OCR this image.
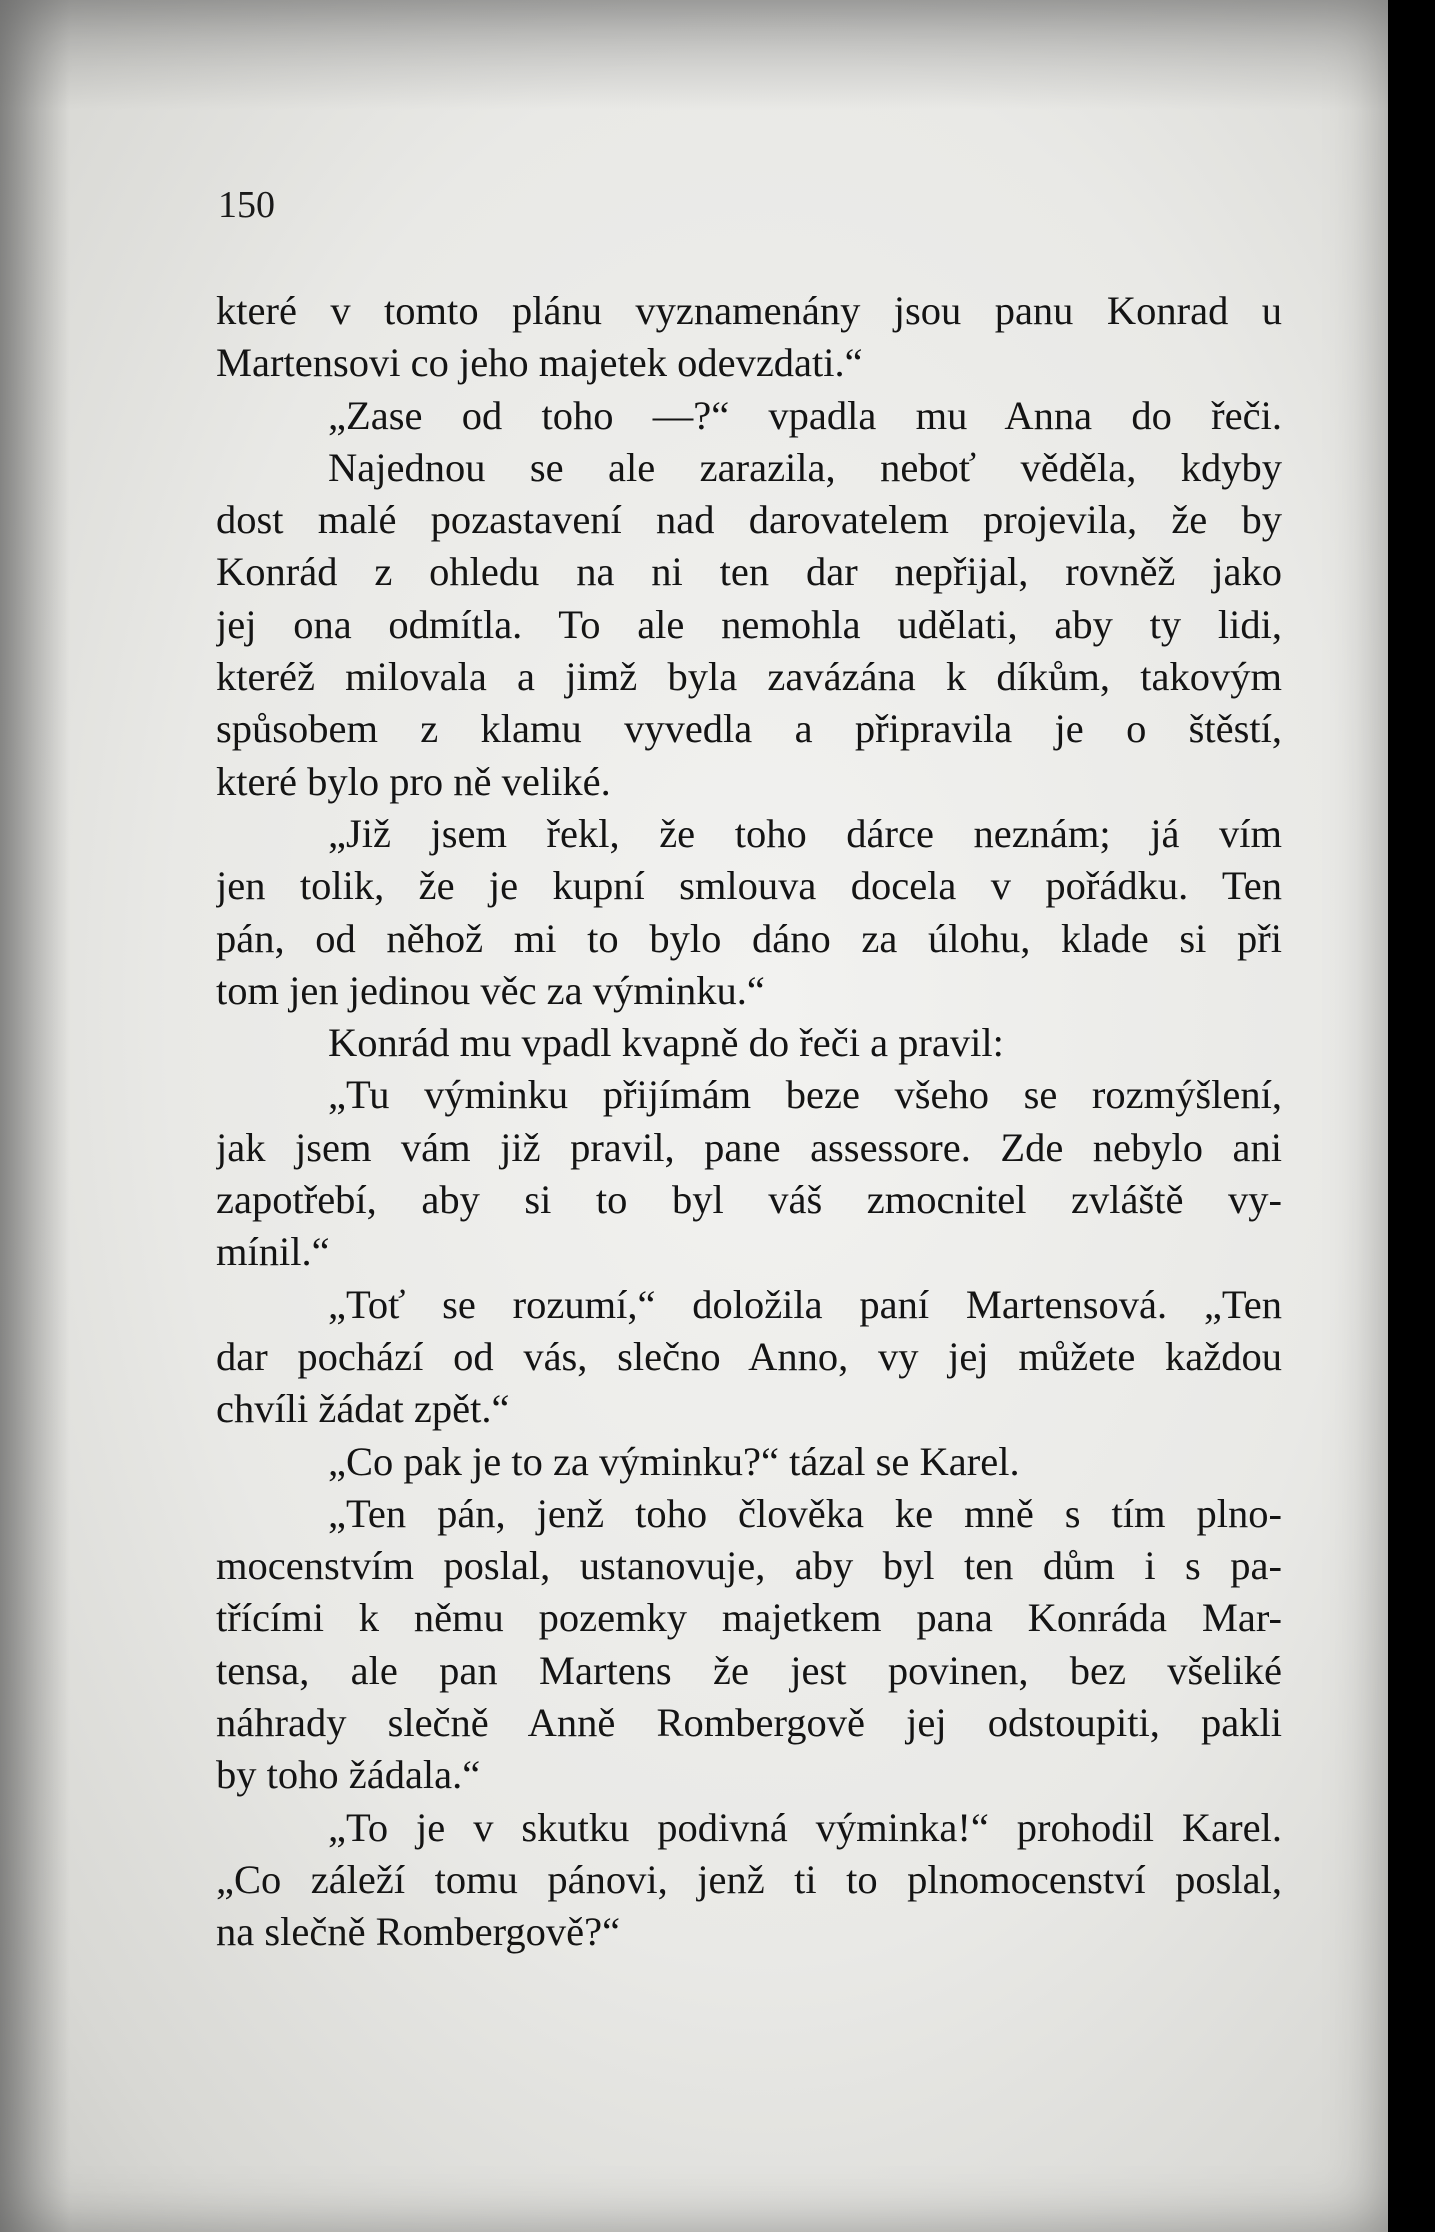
150
které v tomto plánu vyznamenány jsou panu Konrad u
Martensovi co jeho majetek odevzdati.“
„Zase od toho —?“ vpadla mu Anna do řeči.
Najednou se ale zarazila, neboť věděla, kdyby
dost malé pozastavení nad darovatelem projevila, že by
Konrád z ohledu na ni ten dar nepřijal, rovněž jako
jej ona odmítla. To ale nemohla udělati, aby ty lidi,
kteréž milovala a jimž byla zavázána k díkům, takovým
spůsobem z klamu vyvedla a připravila je o štěstí,
které bylo pro ně veliké.
„Již jsem řekl, že toho dárce neznám; já vím
jen tolik, že je kupní smlouva docela v pořádku. Ten
pán, od něhož mi to bylo dáno za úlohu, klade si při
tom jen jedinou věc za výminku.“
Konrád mu vpadl kvapně do řeči a pravil:
„Tu výminku přijímám beze všeho se rozmýšlení,
jak jsem vám již pravil, pane assessore. Zde nebylo ani
zapotřebí, aby si to byl váš zmocnitel zvláště vy-
mínil.“
„Toť se rozumí,“ doložila paní Martensová. „Ten
dar pochází od vás, slečno Anno, vy jej můžete každou
chvíli žádat zpět.“
„Co pak je to za výminku?“ tázal se Karel.
„Ten pán, jenž toho člověka ke mně s tím plno-
mocenstvím poslal, ustanovuje, aby byl ten dům i s pa-
třícími k němu pozemky majetkem pana Konráda Mar-
tensa, ale pan Martens že jest povinen, bez všeliké
náhrady slečně Anně Rombergově jej odstoupiti, pakli
by toho žádala.“
„To je v skutku podivná výminka!“ prohodil Karel.
„Co záleží tomu pánovi, jenž ti to plnomocenství poslal,
na slečně Rombergově?“
